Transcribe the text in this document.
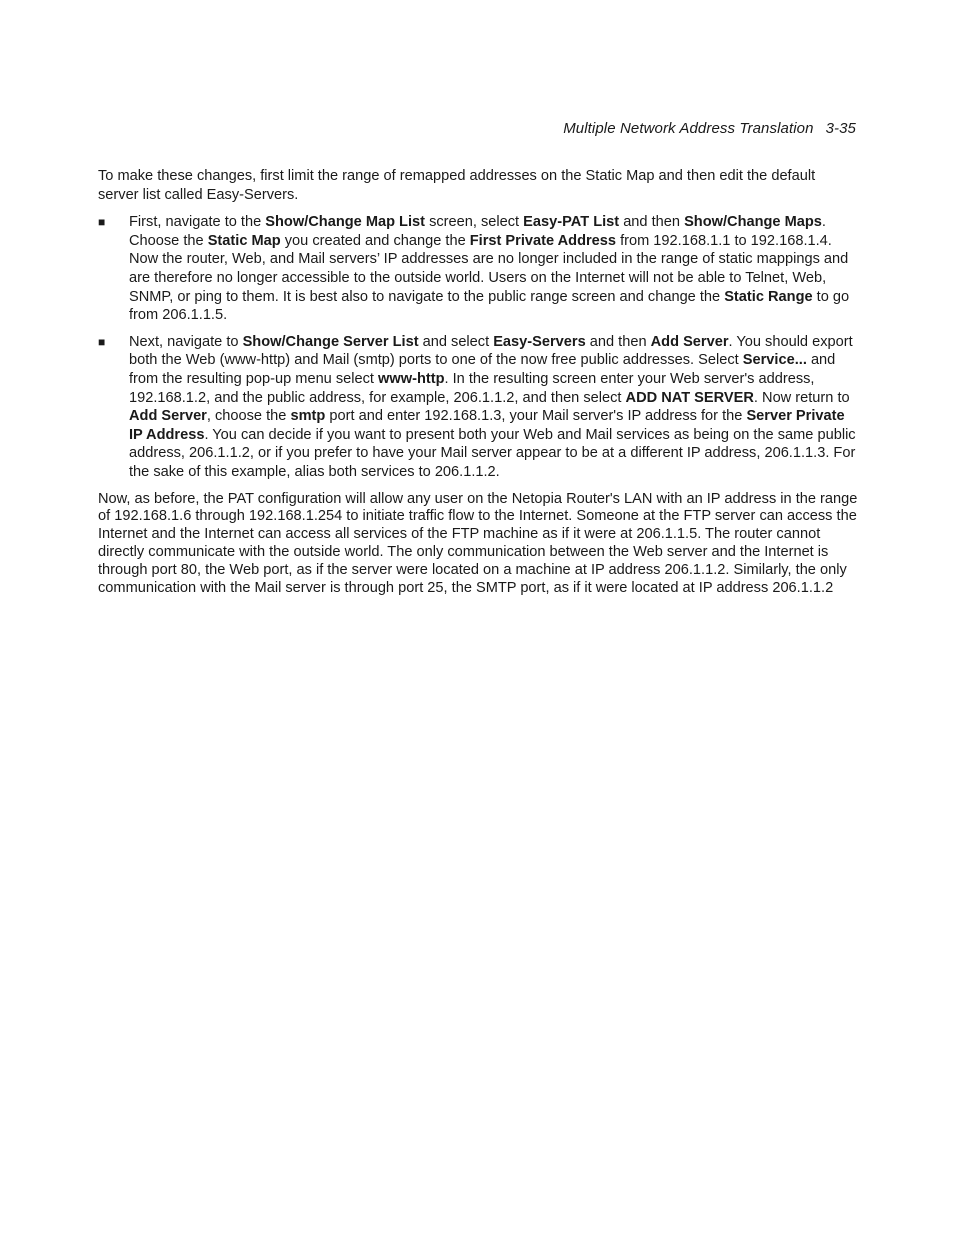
Multiple Network Address Translation 3-35

To make these changes, first limit the range of remapped addresses on the Static Map and then edit the default server list called Easy-Servers.

■ First, navigate to the Show/Change Map List screen, select Easy-PAT List and then Show/Change Maps. Choose the Static Map you created and change the First Private Address from 192.168.1.1 to 192.168.1.4. Now the router, Web, and Mail servers’ IP addresses are no longer included in the range of static mappings and are therefore no longer accessible to the outside world. Users on the Internet will not be able to Telnet, Web, SNMP, or ping to them. It is best also to navigate to the public range screen and change the Static Range to go from 206.1.1.5.
■ Next, navigate to Show/Change Server List and select Easy-Servers and then Add Server. You should export both the Web (www-http) and Mail (smtp) ports to one of the now free public addresses. Select Service... and from the resulting pop-up menu select www-http. In the resulting screen enter your Web server's address, 192.168.1.2, and the public address, for example, 206.1.1.2, and then select ADD NAT SERVER. Now return to Add Server, choose the smtp port and enter 192.168.1.3, your Mail server's IP address for the Server Private IP Address. You can decide if you want to present both your Web and Mail services as being on the same public address, 206.1.1.2, or if you prefer to have your Mail server appear to be at a different IP address, 206.1.1.3. For the sake of this example, alias both services to 206.1.1.2.

Now, as before, the PAT configuration will allow any user on the Netopia Router's LAN with an IP address in the range of 192.168.1.6 through 192.168.1.254 to initiate traffic flow to the Internet. Someone at the FTP server can access the Internet and the Internet can access all services of the FTP machine as if it were at 206.1.1.5. The router cannot directly communicate with the outside world. The only communication between the Web server and the Internet is through port 80, the Web port, as if the server were located on a machine at IP address 206.1.1.2. Similarly, the only communication with the Mail server is through port 25, the SMTP port, as if it were located at IP address 206.1.1.2
